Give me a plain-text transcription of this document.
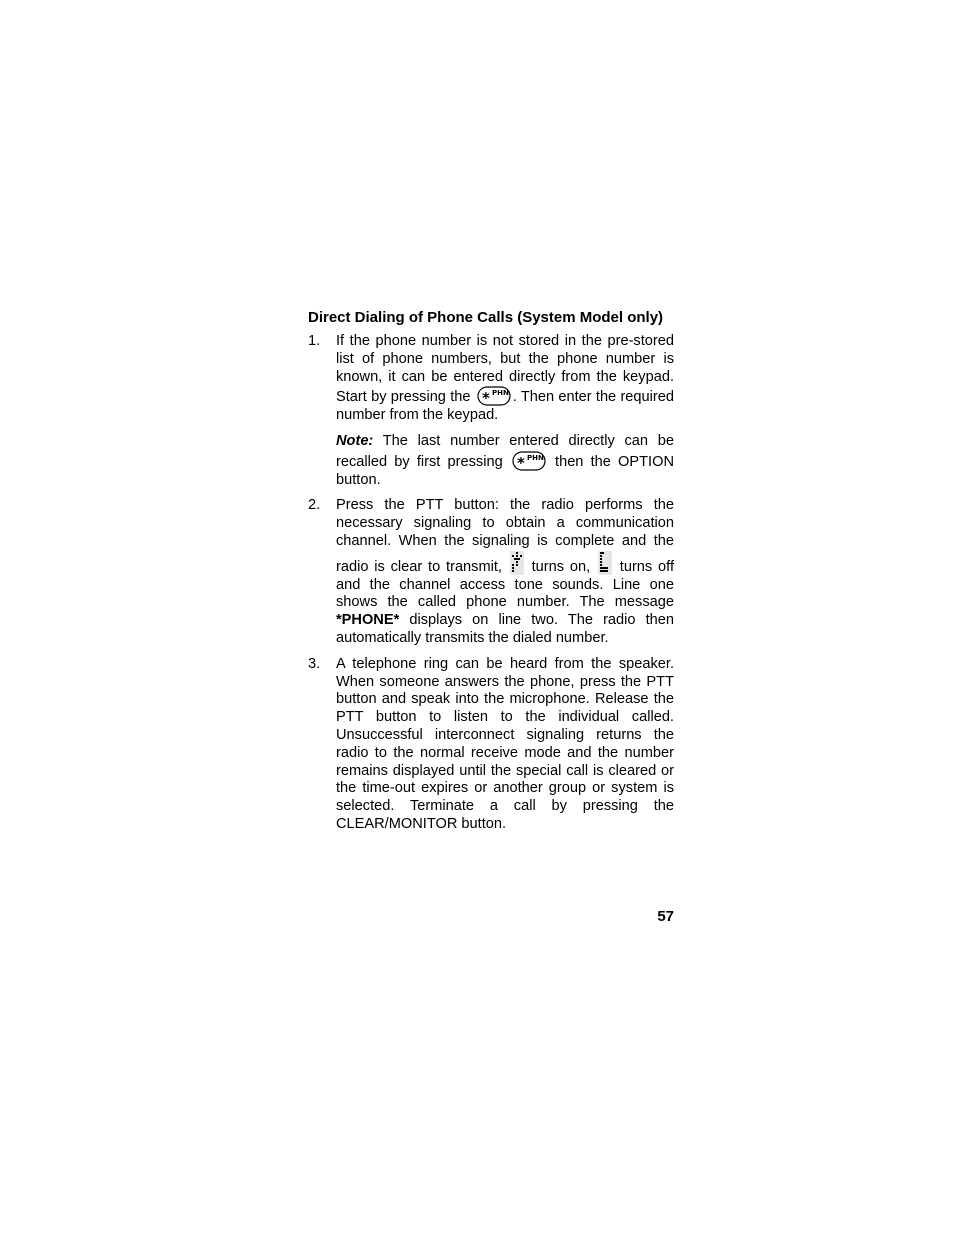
Direct Dialing of Phone Calls (System Model only)

1. If the phone number is not stored in the pre-stored list of phone numbers, but the phone number is known, it can be entered directly from the keypad. Start by pressing the * PHN . Then enter the required number from the keypad.

Note: The last number entered directly can be recalled by first pressing * PHN then the OPTION button.

2. Press the PTT button: the radio performs the necessary signaling to obtain a communication channel. When the signaling is complete and the radio is clear to transmit,
turns on,
turns off and the channel access tone sounds. Line one shows the called phone number. The message *PHONE* displays on line two. The radio then automatically transmits the dialed number.

3. A telephone ring can be heard from the speaker. When someone answers the phone, press the PTT button and speak into the microphone. Release the PTT button to listen to the individual called. Unsuccessful interconnect signaling returns the radio to the normal receive mode and the number remains displayed until the special call is cleared or the time-out expires or another group or system is selected. Terminate a call by pressing the CLEAR/MONITOR button.

57
